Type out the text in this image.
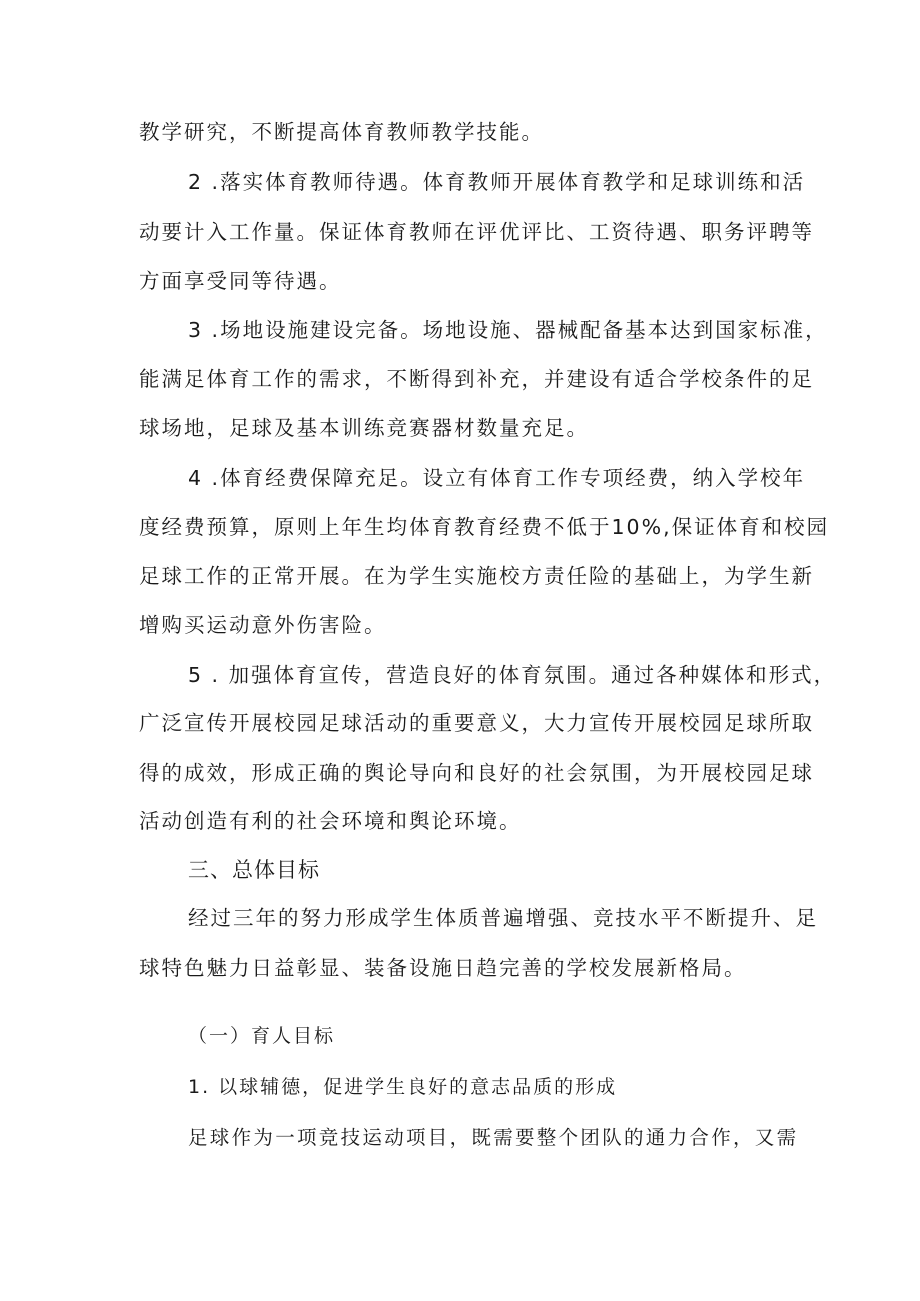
教学研究，不断提高体育教师教学技能。
2 .落实体育教师待遇。体育教师开展体育教学和足球训练和活
动要计入工作量。保证体育教师在评优评比、工资待遇、职务评聘等
方面享受同等待遇。
3 .场地设施建设完备。场地设施、器械配备基本达到国家标准，
能满足体育工作的需求，不断得到补充，并建设有适合学校条件的足
球场地，足球及基本训练竞赛器材数量充足。
4 .体育经费保障充足。设立有体育工作专项经费，纳入学校年
度经费预算，原则上年生均体育教育经费不低于10%,保证体育和校园
足球工作的正常开展。在为学生实施校方责任险的基础上，为学生新
增购买运动意外伤害险。
5 . 加强体育宣传，营造良好的体育氛围。通过各种媒体和形式，
广泛宣传开展校园足球活动的重要意义，大力宣传开展校园足球所取
得的成效，形成正确的舆论导向和良好的社会氛围，为开展校园足球
活动创造有利的社会环境和舆论环境。
三、总体目标
经过三年的努力形成学生体质普遍增强、竞技水平不断提升、足
球特色魅力日益彰显、装备设施日趋完善的学校发展新格局。
（一）育人目标
1. 以球辅德，促进学生良好的意志品质的形成
足球作为一项竞技运动项目，既需要整个团队的通力合作，又需
